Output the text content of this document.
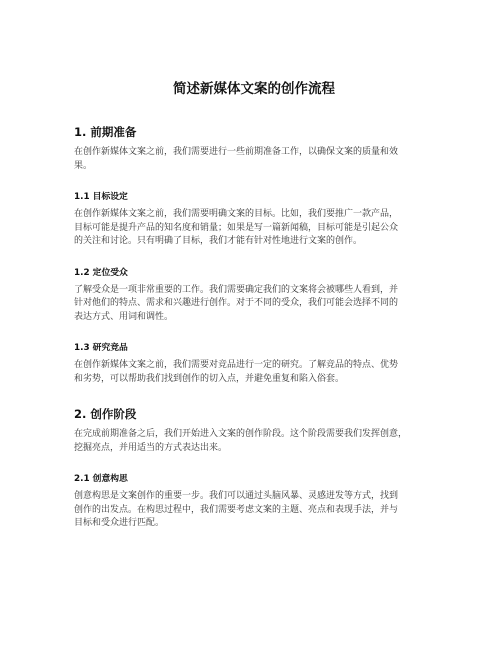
简述新媒体文案的创作流程
1. 前期准备
在创作新媒体文案之前，我们需要进行一些前期准备工作，以确保文案的质量和效
果。
1.1 目标设定
在创作新媒体文案之前，我们需要明确文案的目标。比如，我们要推广一款产品，
目标可能是提升产品的知名度和销量；如果是写一篇新闻稿，目标可能是引起公众
的关注和讨论。只有明确了目标，我们才能有针对性地进行文案的创作。
1.2 定位受众
了解受众是一项非常重要的工作。我们需要确定我们的文案将会被哪些人看到，并
针对他们的特点、需求和兴趣进行创作。对于不同的受众，我们可能会选择不同的
表达方式、用词和调性。
1.3 研究竞品
在创作新媒体文案之前，我们需要对竞品进行一定的研究。了解竞品的特点、优势
和劣势，可以帮助我们找到创作的切入点，并避免重复和陷入俗套。
2. 创作阶段
在完成前期准备之后，我们开始进入文案的创作阶段。这个阶段需要我们发挥创意，
挖掘亮点，并用适当的方式表达出来。
2.1 创意构思
创意构思是文案创作的重要一步。我们可以通过头脑风暴、灵感迸发等方式，找到
创作的出发点。在构思过程中，我们需要考虑文案的主题、亮点和表现手法，并与
目标和受众进行匹配。
